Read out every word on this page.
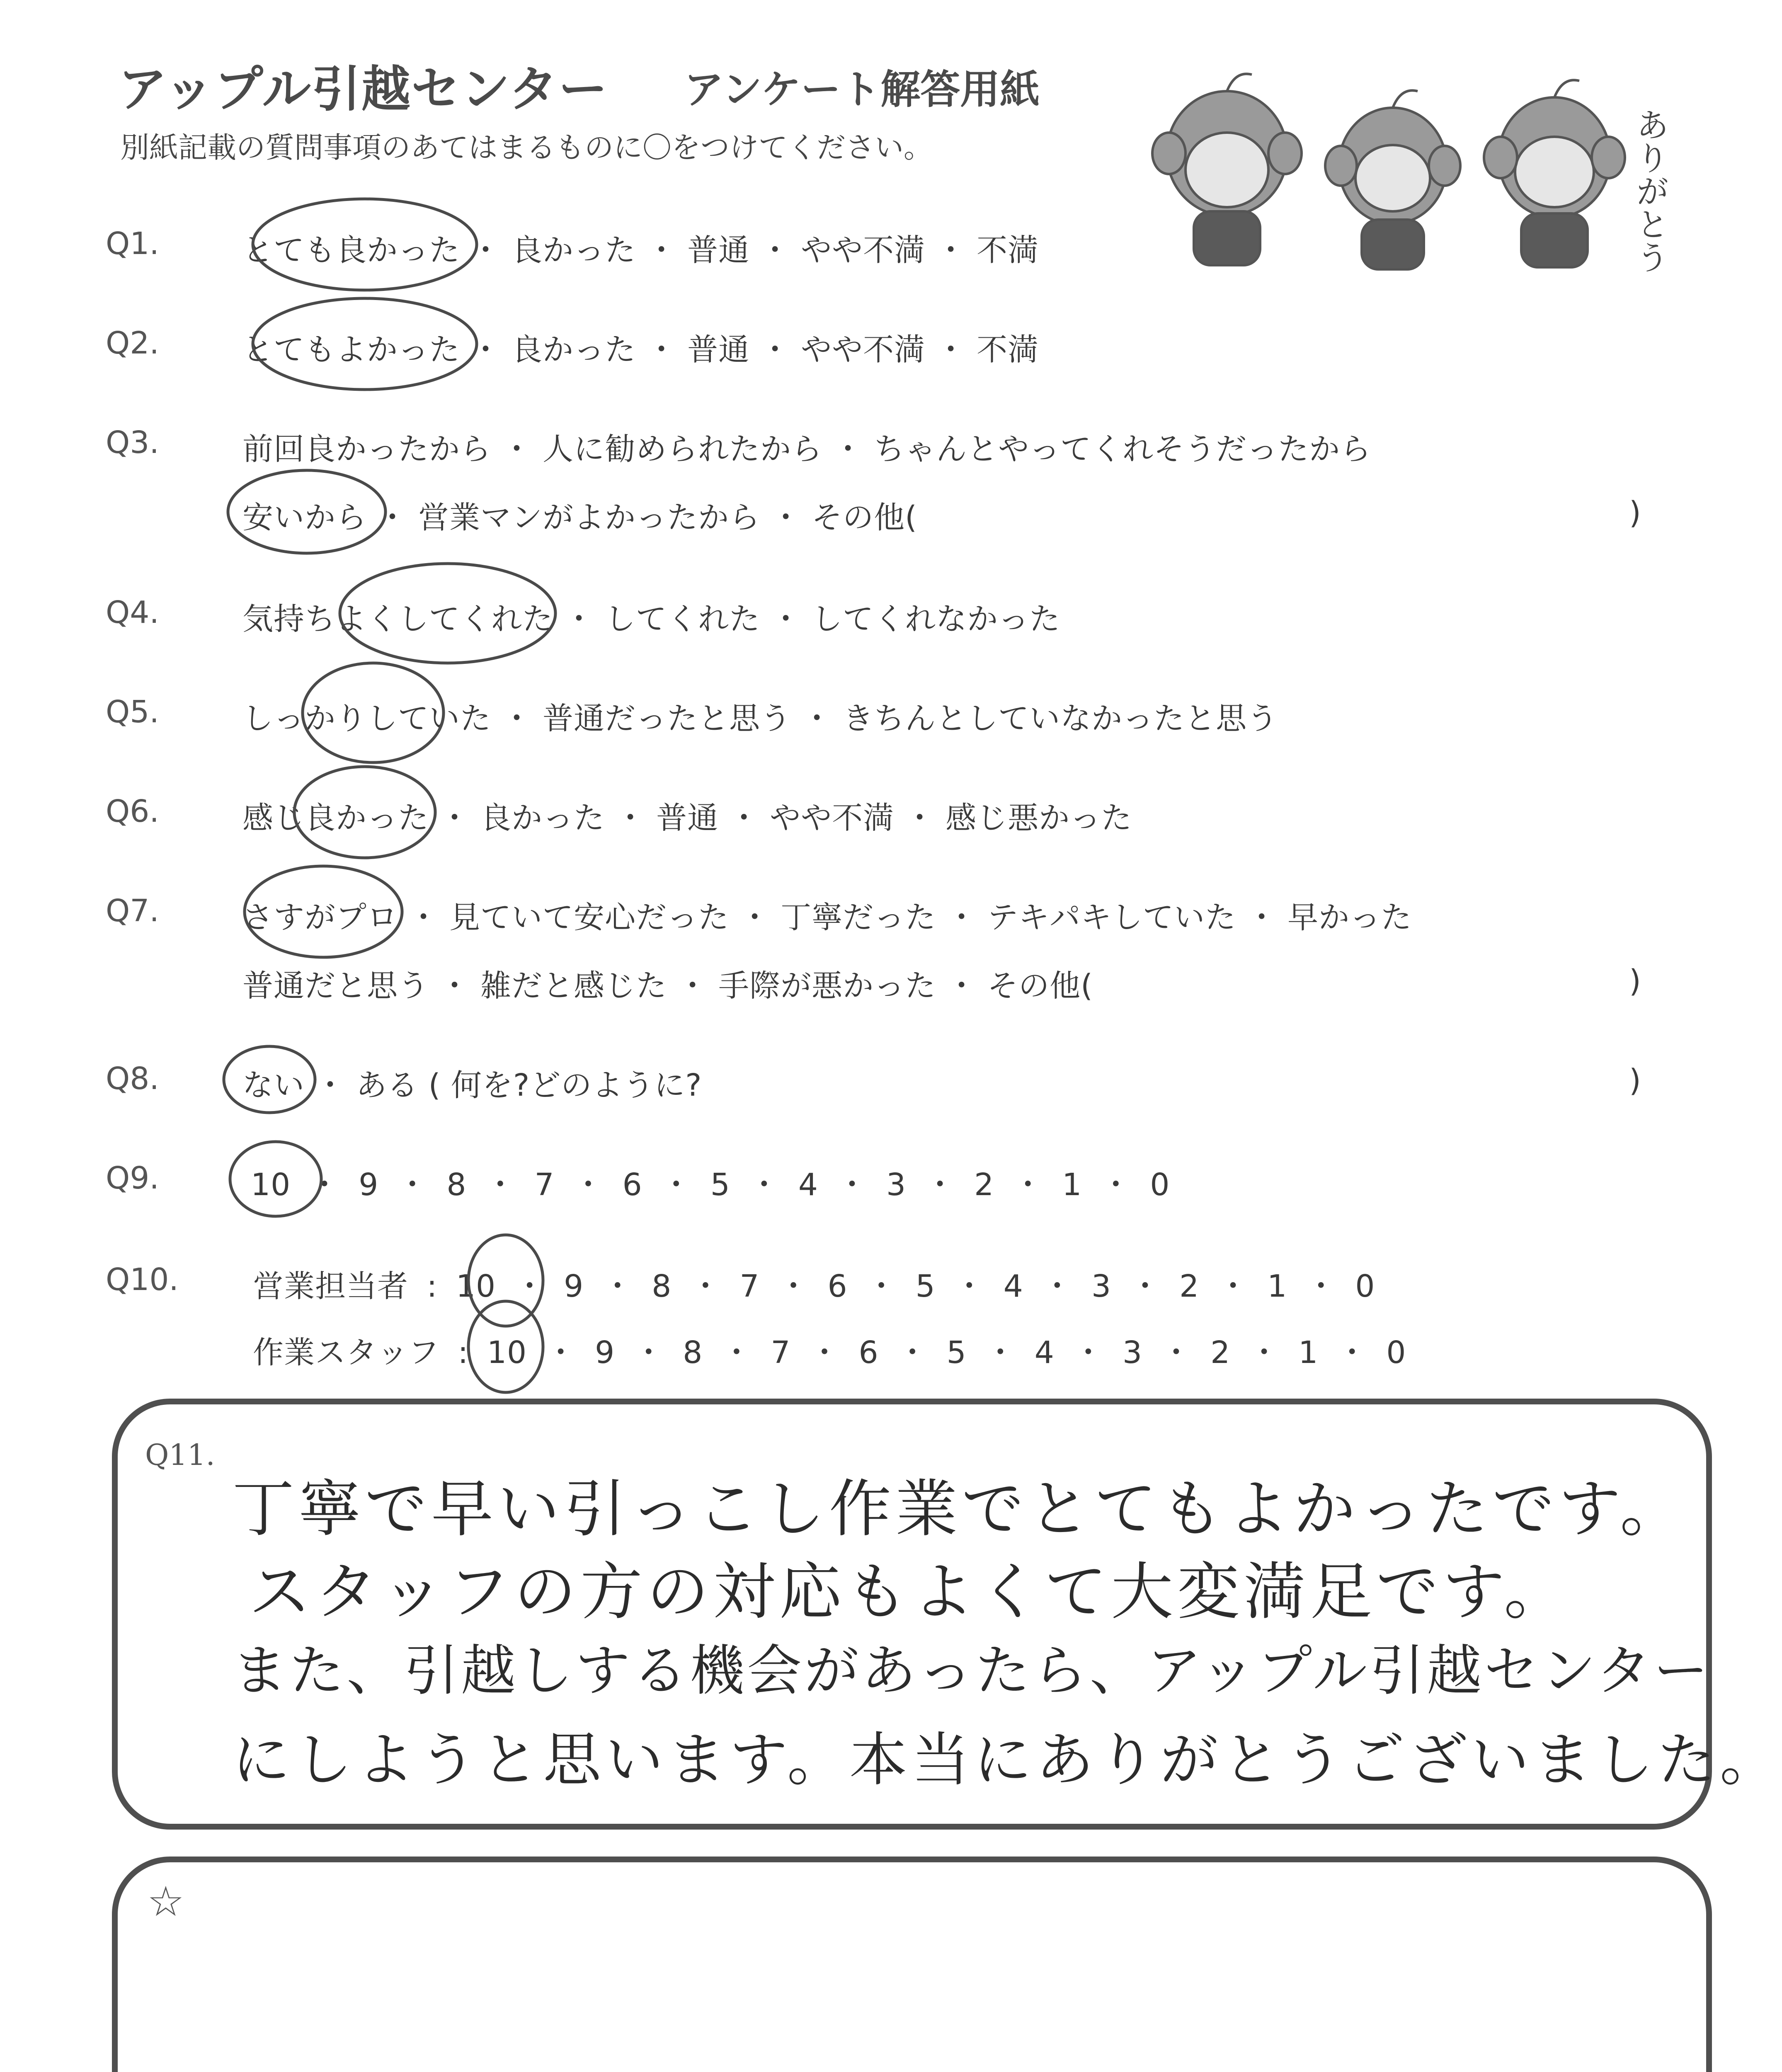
アップル引越センター アンケート解答用紙
別紙記載の質問事項のあてはまるものに〇をつけてください。	ありがとう
Q1.	とても良かった ・ 良かった ・ 普通 ・ やや不満 ・ 不満
Q2.	とてもよかった ・ 良かった ・ 普通 ・ やや不満 ・ 不満
Q3.	前回良かったから ・ 人に勧められたから ・ ちゃんとやってくれそうだったから
安いから ・ 営業マンがよかったから ・ その他(	)
Q4.	気持ちよくしてくれた ・ してくれた ・ してくれなかった
Q5.	しっかりしていた ・ 普通だったと思う ・ きちんとしていなかったと思う
Q6.	感じ良かった ・ 良かった ・ 普通 ・ やや不満 ・ 感じ悪かった
Q7.	さすがプロ ・ 見ていて安心だった ・ 丁寧だった ・ テキパキしていた ・ 早かった
普通だと思う ・ 雑だと感じた ・ 手際が悪かった ・ その他(	)
Q8.	ない ・ ある ( 何を?どのように?	)
Q9.	10 ・ 9 ・ 8 ・ 7 ・ 6 ・ 5 ・ 4 ・ 3 ・ 2 ・ 1 ・ 0
Q10. 営業担当者 : 10 ・ 9 ・ 8 ・ 7 ・ 6 ・ 5 ・ 4 ・ 3 ・ 2 ・ 1 ・ 0
作業スタッフ : 10 ・ 9 ・ 8 ・ 7 ・ 6 ・ 5 ・ 4 ・ 3 ・ 2 ・ 1 ・ 0
Q11.
丁寧で早い引っこし作業でとてもよかったです。
スタッフの方の対応もよくて大変満足です。
また、引越しする機会があったら、アップル引越センター
にしようと思います。本当にありがとうございました。
☆
